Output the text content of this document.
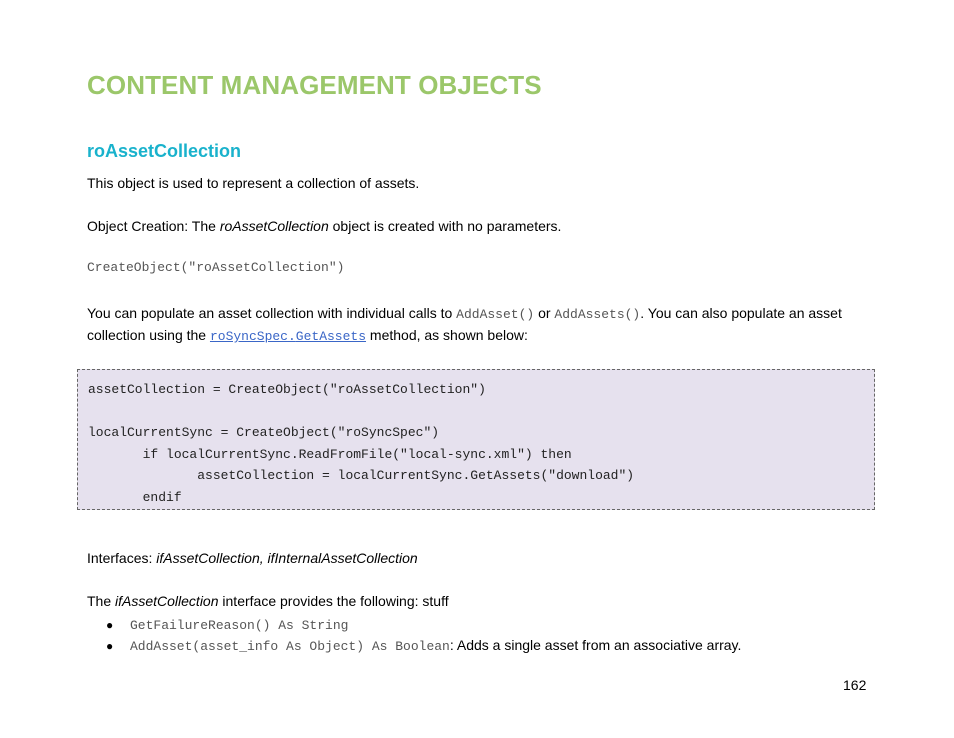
CONTENT MANAGEMENT OBJECTS
roAssetCollection

This object is used to represent a collection of assets.

Object Creation: The roAssetCollection object is created with no parameters.

CreateObject("roAssetCollection")

You can populate an asset collection with individual calls to AddAsset() or AddAssets(). You can also populate an asset collection using the roSyncSpec.GetAssets method, as shown below:

assetCollection = CreateObject("roAssetCollection")

localCurrentSync = CreateObject("roSyncSpec")
if localCurrentSync.ReadFromFile("local-sync.xml") then
assetCollection = localCurrentSync.GetAssets("download")
endif

Interfaces: ifAssetCollection, ifInternalAssetCollection

The ifAssetCollection interface provides the following: stuff

● GetFailureReason() As String
● AddAsset(asset_info As Object) As Boolean: Adds a single asset from an associative array.
162
